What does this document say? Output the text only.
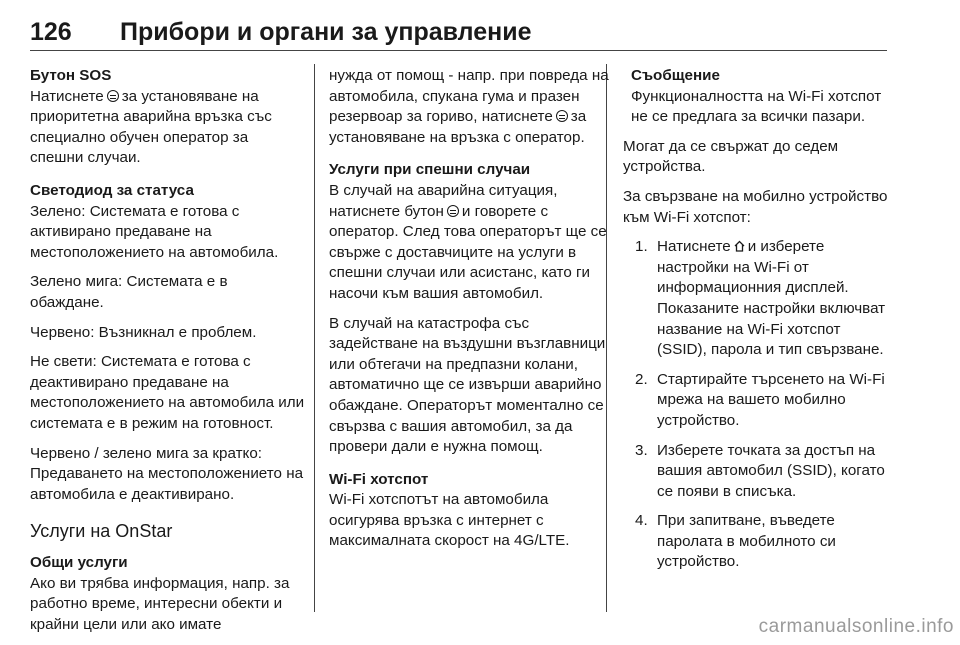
126 Прибори и органи за управление

Бутон SOS
Натиснете за установяване на приоритетна аварийна връзка със специално обучен оператор за спешни случаи.

Светодиод за статуса
Зелено: Системата е готова с активирано предаване на местоположението на автомобила.

Зелено мига: Системата е в обаждане.

Червено: Възникнал е проблем.

Не свети: Системата е готова с деактивирано предаване на местоположението на автомобила или системата е в режим на готовност.

Червено / зелено мига за кратко: Предаването на местоположението на автомобила е деактивирано.

Услуги на OnStar

Общи услуги
Ако ви трябва информация, напр. за работно време, интересни обекти и крайни цели или ако имате

нужда от помощ - напр. при повреда на автомобила, спукана гума и празен резервоар за гориво, натиснете за установяване на връзка с оператор.

Услуги при спешни случаи
В случай на аварийна ситуация, натиснете бутон и говорете с оператор. След това операторът ще се свърже с доставчиците на услуги в спешни случаи или асистанс, като ги насочи към вашия автомобил.

В случай на катастрофа със задействане на въздушни възглавници или обтегачи на предпазни колани, автоматично ще се извърши аварийно обаждане. Операторът моментално се свързва с вашия автомобил, за да провери дали е нужна помощ.

Wi-Fi хотспот
Wi-Fi хотспотът на автомобила осигурява връзка с интернет с максималната скорост на 4G/LTE.

Съобщение
Функционалността на Wi-Fi хотспот не се предлага за всички пазари.

Могат да се свържат до седем устройства.

За свързване на мобилно устройство към Wi-Fi хотспот:

1. Натиснете и изберете настройки на Wi-Fi от информационния дисплей. Показаните настройки включват название на Wi-Fi хотспот (SSID), парола и тип свързване.
2. Стартирайте търсенето на Wi-Fi мрежа на вашето мобилно устройство.
3. Изберете точката за достъп на вашия автомобил (SSID), когато се появи в списъка.
4. При запитване, въведете паролата в мобилното си устройство.
carmanualsonline.info
